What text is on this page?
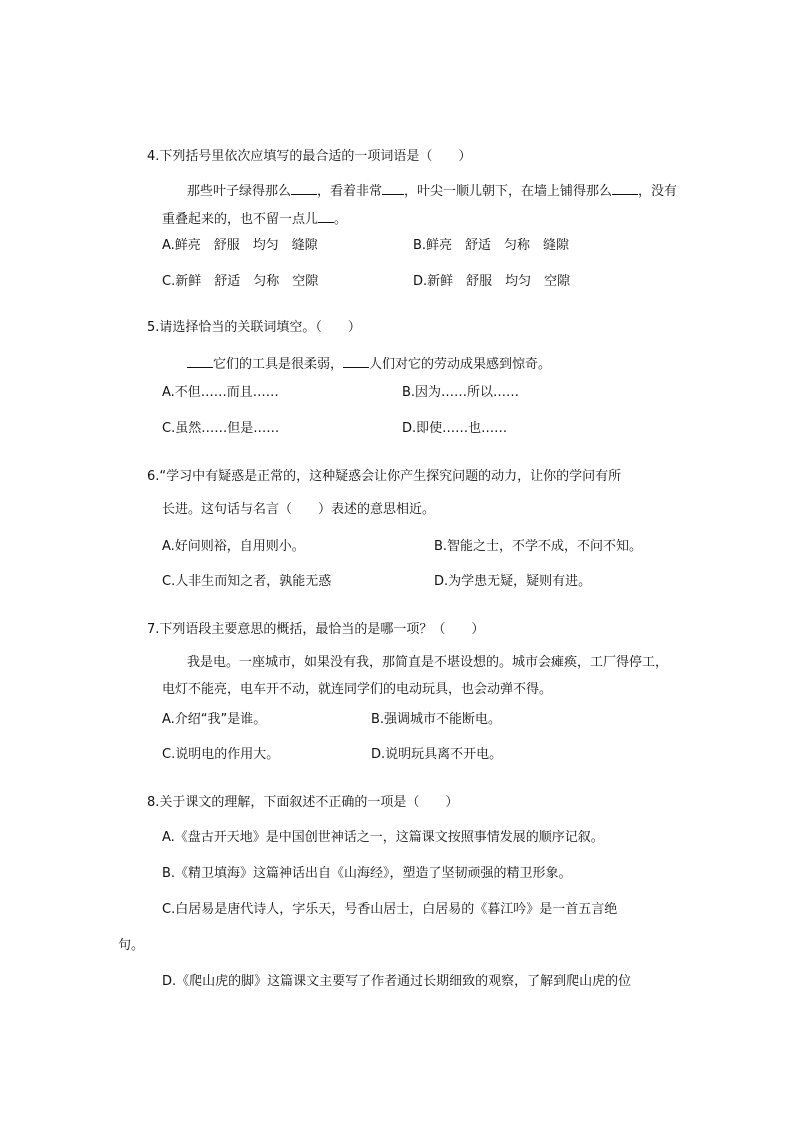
4.下列括号里依次应填写的最合适的一项词语是（　　）
那些叶子绿得那么 ，看着非常 ，叶尖一顺儿朝下，在墙上铺得那么 ，没有
重叠起来的，也不留一点儿 。
A.鲜亮　舒服　均匀　缝隙	B.鲜亮　舒适　匀称　缝隙
C.新鲜　舒适　匀称　空隙	D.新鲜　舒服　均匀　空隙
5.请选择恰当的关联词填空。（　　）
它们的工具是很柔弱， 人们对它的劳动成果感到惊奇。
A.不但……而且……	B.因为……所以……
C.虽然……但是……	D.即使……也……
6.“学习中有疑惑是正常的，这种疑惑会让你产生探究问题的动力，让你的学问有所
长进。这句话与名言（　　）表述的意思相近。
A.好问则裕，自用则小。	B.智能之士，不学不成，不问不知。
C.人非生而知之者，孰能无惑	D.为学患无疑，疑则有进。
7.下列语段主要意思的概括，最恰当的是哪一项？（　　）
我是电。一座城市，如果没有我，那简直是不堪设想的。城市会瘫痪，工厂得停工，
电灯不能亮，电车开不动，就连同学们的电动玩具，也会动弹不得。
A.介绍“我”是谁。	B.强调城市不能断电。
C.说明电的作用大。	D.说明玩具离不开电。
8.关于课文的理解，下面叙述不正确的一项是（　　）
A.《盘古开天地》是中国创世神话之一，这篇课文按照事情发展的顺序记叙。
B.《精卫填海》这篇神话出自《山海经》，塑造了坚韧顽强的精卫形象。
C.白居易是唐代诗人，字乐天，号香山居士，白居易的《暮江吟》是一首五言绝
句。
D.《爬山虎的脚》这篇课文主要写了作者通过长期细致的观察，了解到爬山虎的位
